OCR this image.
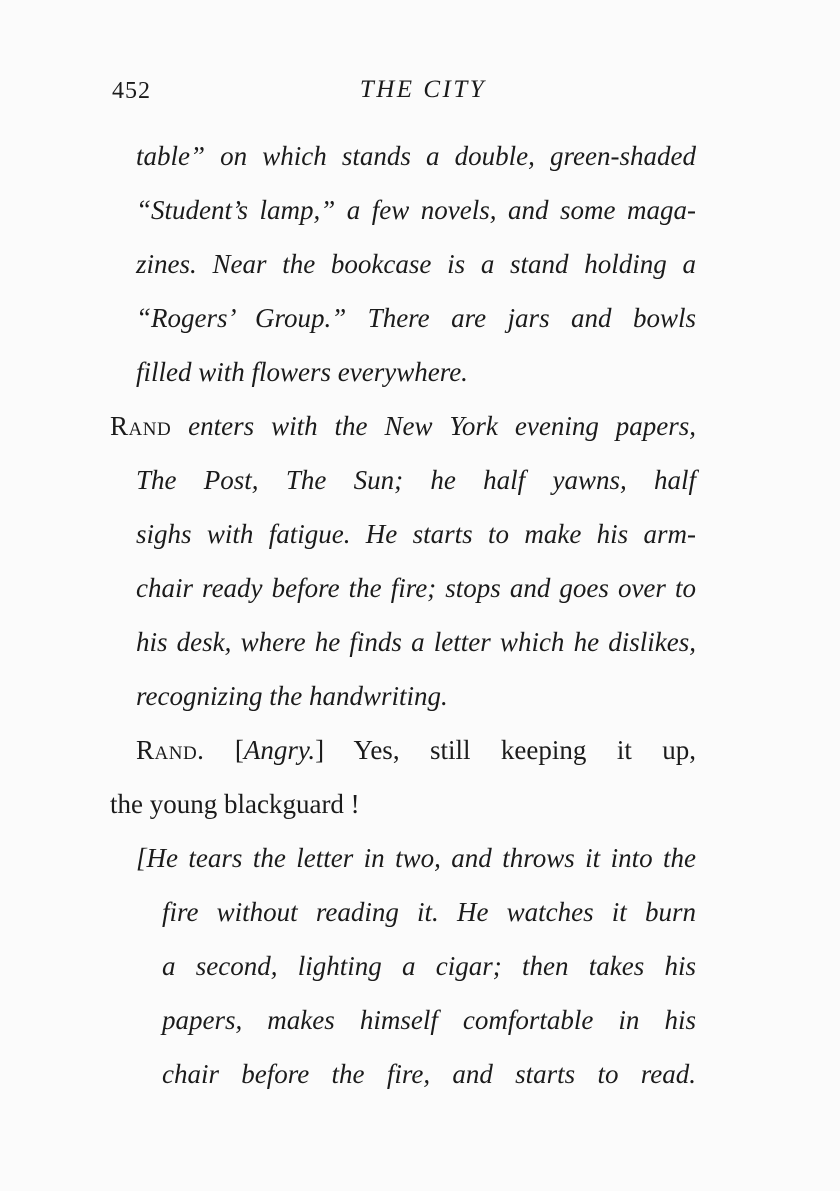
452	THE CITY
table” on which stands a double, green-shaded
“Student’s lamp,” a few novels, and some maga-
zines. Near the bookcase is a stand holding a
“Rogers’ Group.” There are jars and bowls
filled with flowers everywhere.
Rand enters with the New York evening papers,
The Post, The Sun; he half yawns, half
sighs with fatigue. He starts to make his arm-
chair ready before the fire; stops and goes over to
his desk, where he finds a letter which he dislikes,
recognizing the handwriting.
Rand. [Angry.] Yes, still keeping it up,
the young blackguard !
[He tears the letter in two, and throws it into the
fire without reading it. He watches it burn
a second, lighting a cigar; then takes his
papers, makes himself comfortable in his
chair before the fire, and starts to read.
